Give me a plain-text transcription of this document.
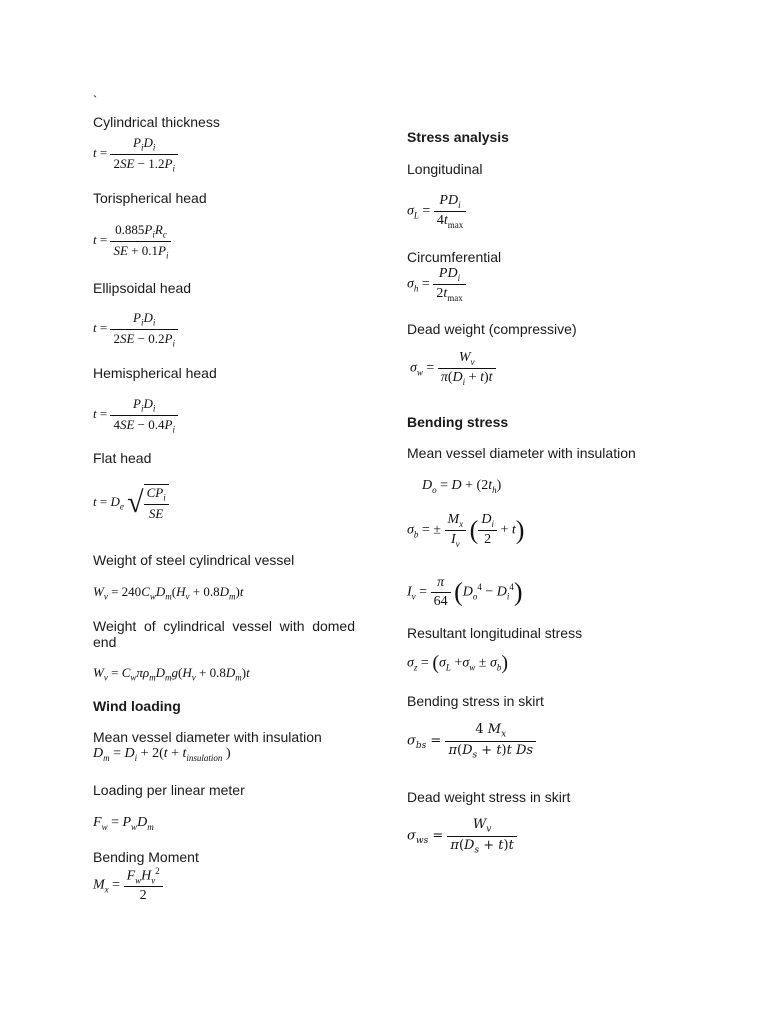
`
Cylindrical thickness
t =
$P_iD_i$
$2SE - 1.2P_i$
Torispherical head
t =
$0.885P_iR_c$
SE + $0.1P_i$
Ellipsoidal head
t =
$P_iD_i$
$2SE - 0.2P_i$
Hemispherical head
t =
$P_iD_i$
$4SE - 0.4P_i$
Flat head
$t = D_e$ √ $CP_i$
SE
Weight of steel cylindrical vessel
$W_v = 240C_wD_m(H_v + 0.8D_m)t$
Weight of cylindrical vessel with domed end
$W_v = C_w\pi\rho_mD_mg(H_v + 0.8D_m)t$
Wind loading
Mean vessel diameter with insulation
$D_m = D_i + 2(t + t_{insulation}$ )
Loading per linear meter
$F_w = P_wD_m$
Bending Moment
$M_x$ =
$F_wH_v^2$
2
Stress analysis
Longitudinal
$\sigma_L$ =
$PD_i$
$4t_{max}$
Circumferential
$\sigma_h$ =
$PD_i$
$2t_{max}$
Dead weight (compressive)
$\sigma_w = \frac{W_v}{\pi(D_i + t)t}$
Bending stress
Mean vessel diameter with insulation
$D_o = D + (2t_h)$
$\sigma_b$ = ± $\frac{M_x}{I_v}$ ( $\frac{D_i}{2} + t$)
$I_v = \frac{\pi}{64} (D_o^4 - D_i^4)$
Resultant longitudinal stress
$\sigma_z = (\sigma_L +\sigma_w \pm \sigma_b)$
Bending stress in skirt
$\sigma_{bs} = \frac{4 M_x}{\pi(D_s + t)t Ds}$
Dead weight stress in skirt
$\sigma_{ws} = \frac{W_v}{\pi(D_s + t)t}$
